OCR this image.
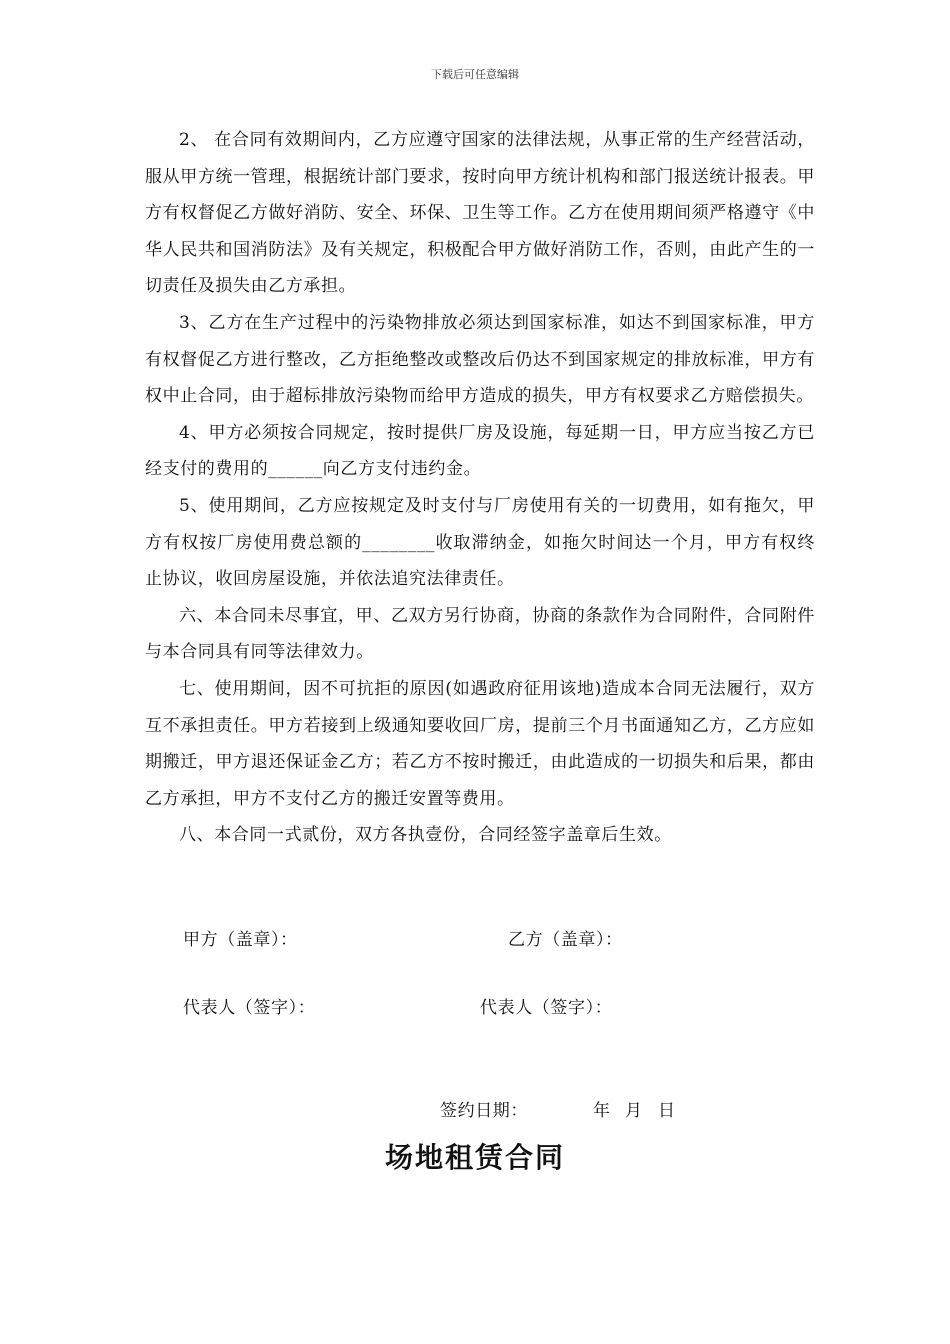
下载后可任意编辑

2、 在合同有效期间内，乙方应遵守国家的法律法规，从事正常的生产经营活动，服从甲方统一管理，根据统计部门要求，按时向甲方统计机构和部门报送统计报表。甲方有权督促乙方做好消防、安全、环保、卫生等工作。乙方在使用期间须严格遵守《中华人民共和国消防法》及有关规定，积极配合甲方做好消防工作，否则，由此产生的一切责任及损失由乙方承担。

3、乙方在生产过程中的污染物排放必须达到国家标准，如达不到国家标准，甲方有权督促乙方进行整改，乙方拒绝整改或整改后仍达不到国家规定的排放标准，甲方有权中止合同，由于超标排放污染物而给甲方造成的损失，甲方有权要求乙方赔偿损失。

4、甲方必须按合同规定，按时提供厂房及设施，每延期一日，甲方应当按乙方已经支付的费用的______向乙方支付违约金。

5、使用期间，乙方应按规定及时支付与厂房使用有关的一切费用，如有拖欠，甲方有权按厂房使用费总额的________收取滞纳金，如拖欠时间达一个月，甲方有权终止协议，收回房屋设施，并依法追究法律责任。

六、本合同未尽事宜，甲、乙双方另行协商，协商的条款作为合同附件，合同附件与本合同具有同等法律效力。

七、使用期间，因不可抗拒的原因(如遇政府征用该地)造成本合同无法履行，双方互不承担责任。甲方若接到上级通知要收回厂房，提前三个月书面通知乙方，乙方应如期搬迁，甲方退还保证金乙方；若乙方不按时搬迁，由此造成的一切损失和后果，都由乙方承担，甲方不支付乙方的搬迁安置等费用。

八、本合同一式贰份，双方各执壹份，合同经签字盖章后生效。

甲方（盖章）：	乙方（盖章）：
代表人（签字）：	代表人（签字）：
签约日期：	年 月 日
场地租赁合同
